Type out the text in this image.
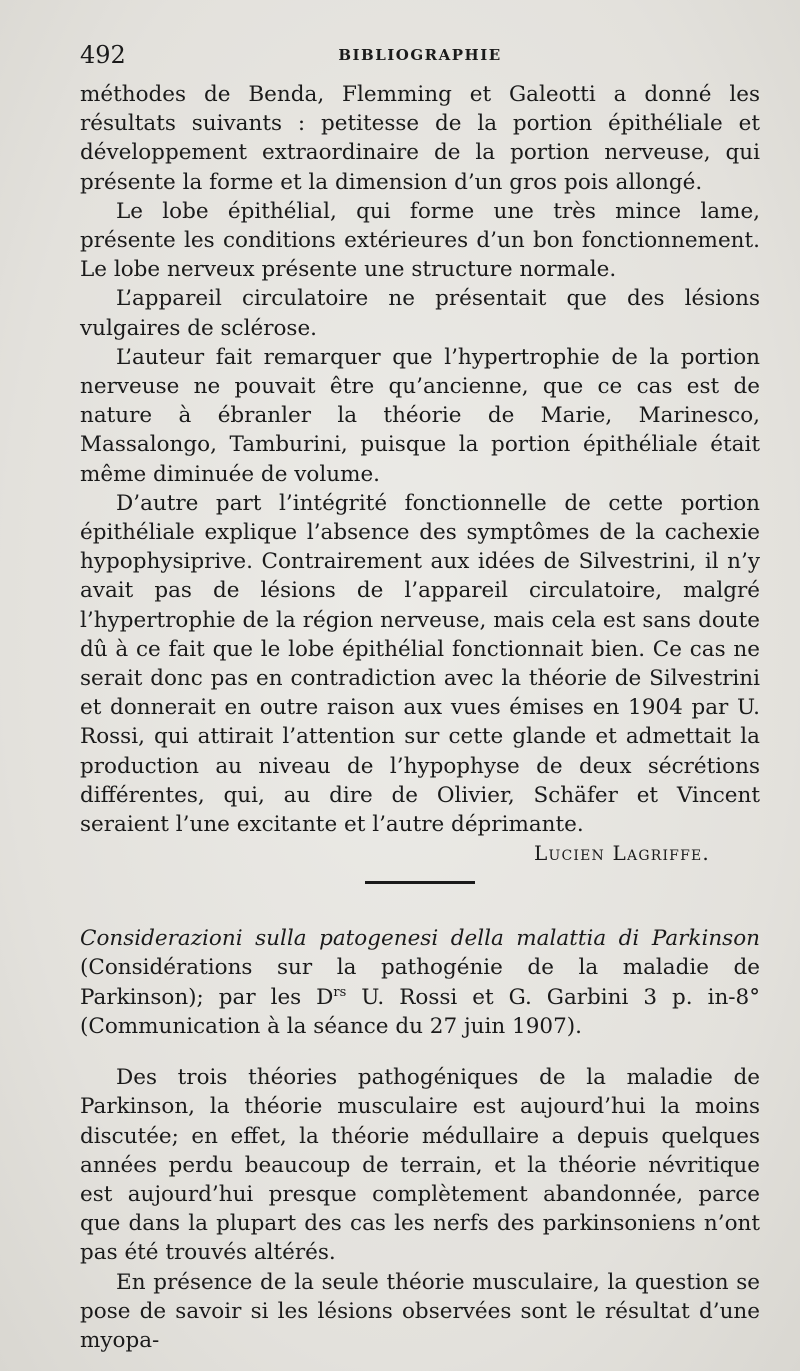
492	BIBLIOGRAPHIE

méthodes de Benda, Flemming et Galeotti a donné les résultats suivants : petitesse de la portion épithéliale et développement extraordinaire de la portion nerveuse, qui présente la forme et la dimension d’un gros pois allongé.

Le lobe épithélial, qui forme une très mince lame, présente les conditions extérieures d’un bon fonctionnement. Le lobe nerveux présente une structure normale.

L’appareil circulatoire ne présentait que des lésions vulgaires de sclérose.

L’auteur fait remarquer que l’hypertrophie de la portion nerveuse ne pouvait être qu’ancienne, que ce cas est de nature à ébranler la théorie de Marie, Marinesco, Massalongo, Tamburini, puisque la portion épithéliale était même diminuée de volume.

D’autre part l’intégrité fonctionnelle de cette portion épithéliale explique l’absence des symptômes de la cachexie hypophysiprive. Contrairement aux idées de Silvestrini, il n’y avait pas de lésions de l’appareil circulatoire, malgré l’hypertrophie de la région nerveuse, mais cela est sans doute dû à ce fait que le lobe épithélial fonctionnait bien. Ce cas ne serait donc pas en contradiction avec la théorie de Silvestrini et donnerait en outre raison aux vues émises en 1904 par U. Rossi, qui attirait l’attention sur cette glande et admettait la production au niveau de l’hypophyse de deux sécrétions différentes, qui, au dire de Olivier, Schäfer et Vincent seraient l’une excitante et l’autre déprimante.

Lucien Lagriffe.

Considerazioni sulla patogenesi della malattia di Parkinson (Considérations sur la pathogénie de la maladie de Parkinson); par les $D^{rs}$ U. Rossi et G. Garbini 3 p. in-8° (Communication à la séance du 27 juin 1907).

Des trois théories pathogéniques de la maladie de Parkinson, la théorie musculaire est aujourd’hui la moins discutée; en effet, la théorie médullaire a depuis quelques années perdu beaucoup de terrain, et la théorie névritique est aujourd’hui presque complètement abandonnée, parce que dans la plupart des cas les nerfs des parkinsoniens n’ont pas été trouvés altérés.

En présence de la seule théorie musculaire, la question se pose de savoir si les lésions observées sont le résultat d’une myopa-
